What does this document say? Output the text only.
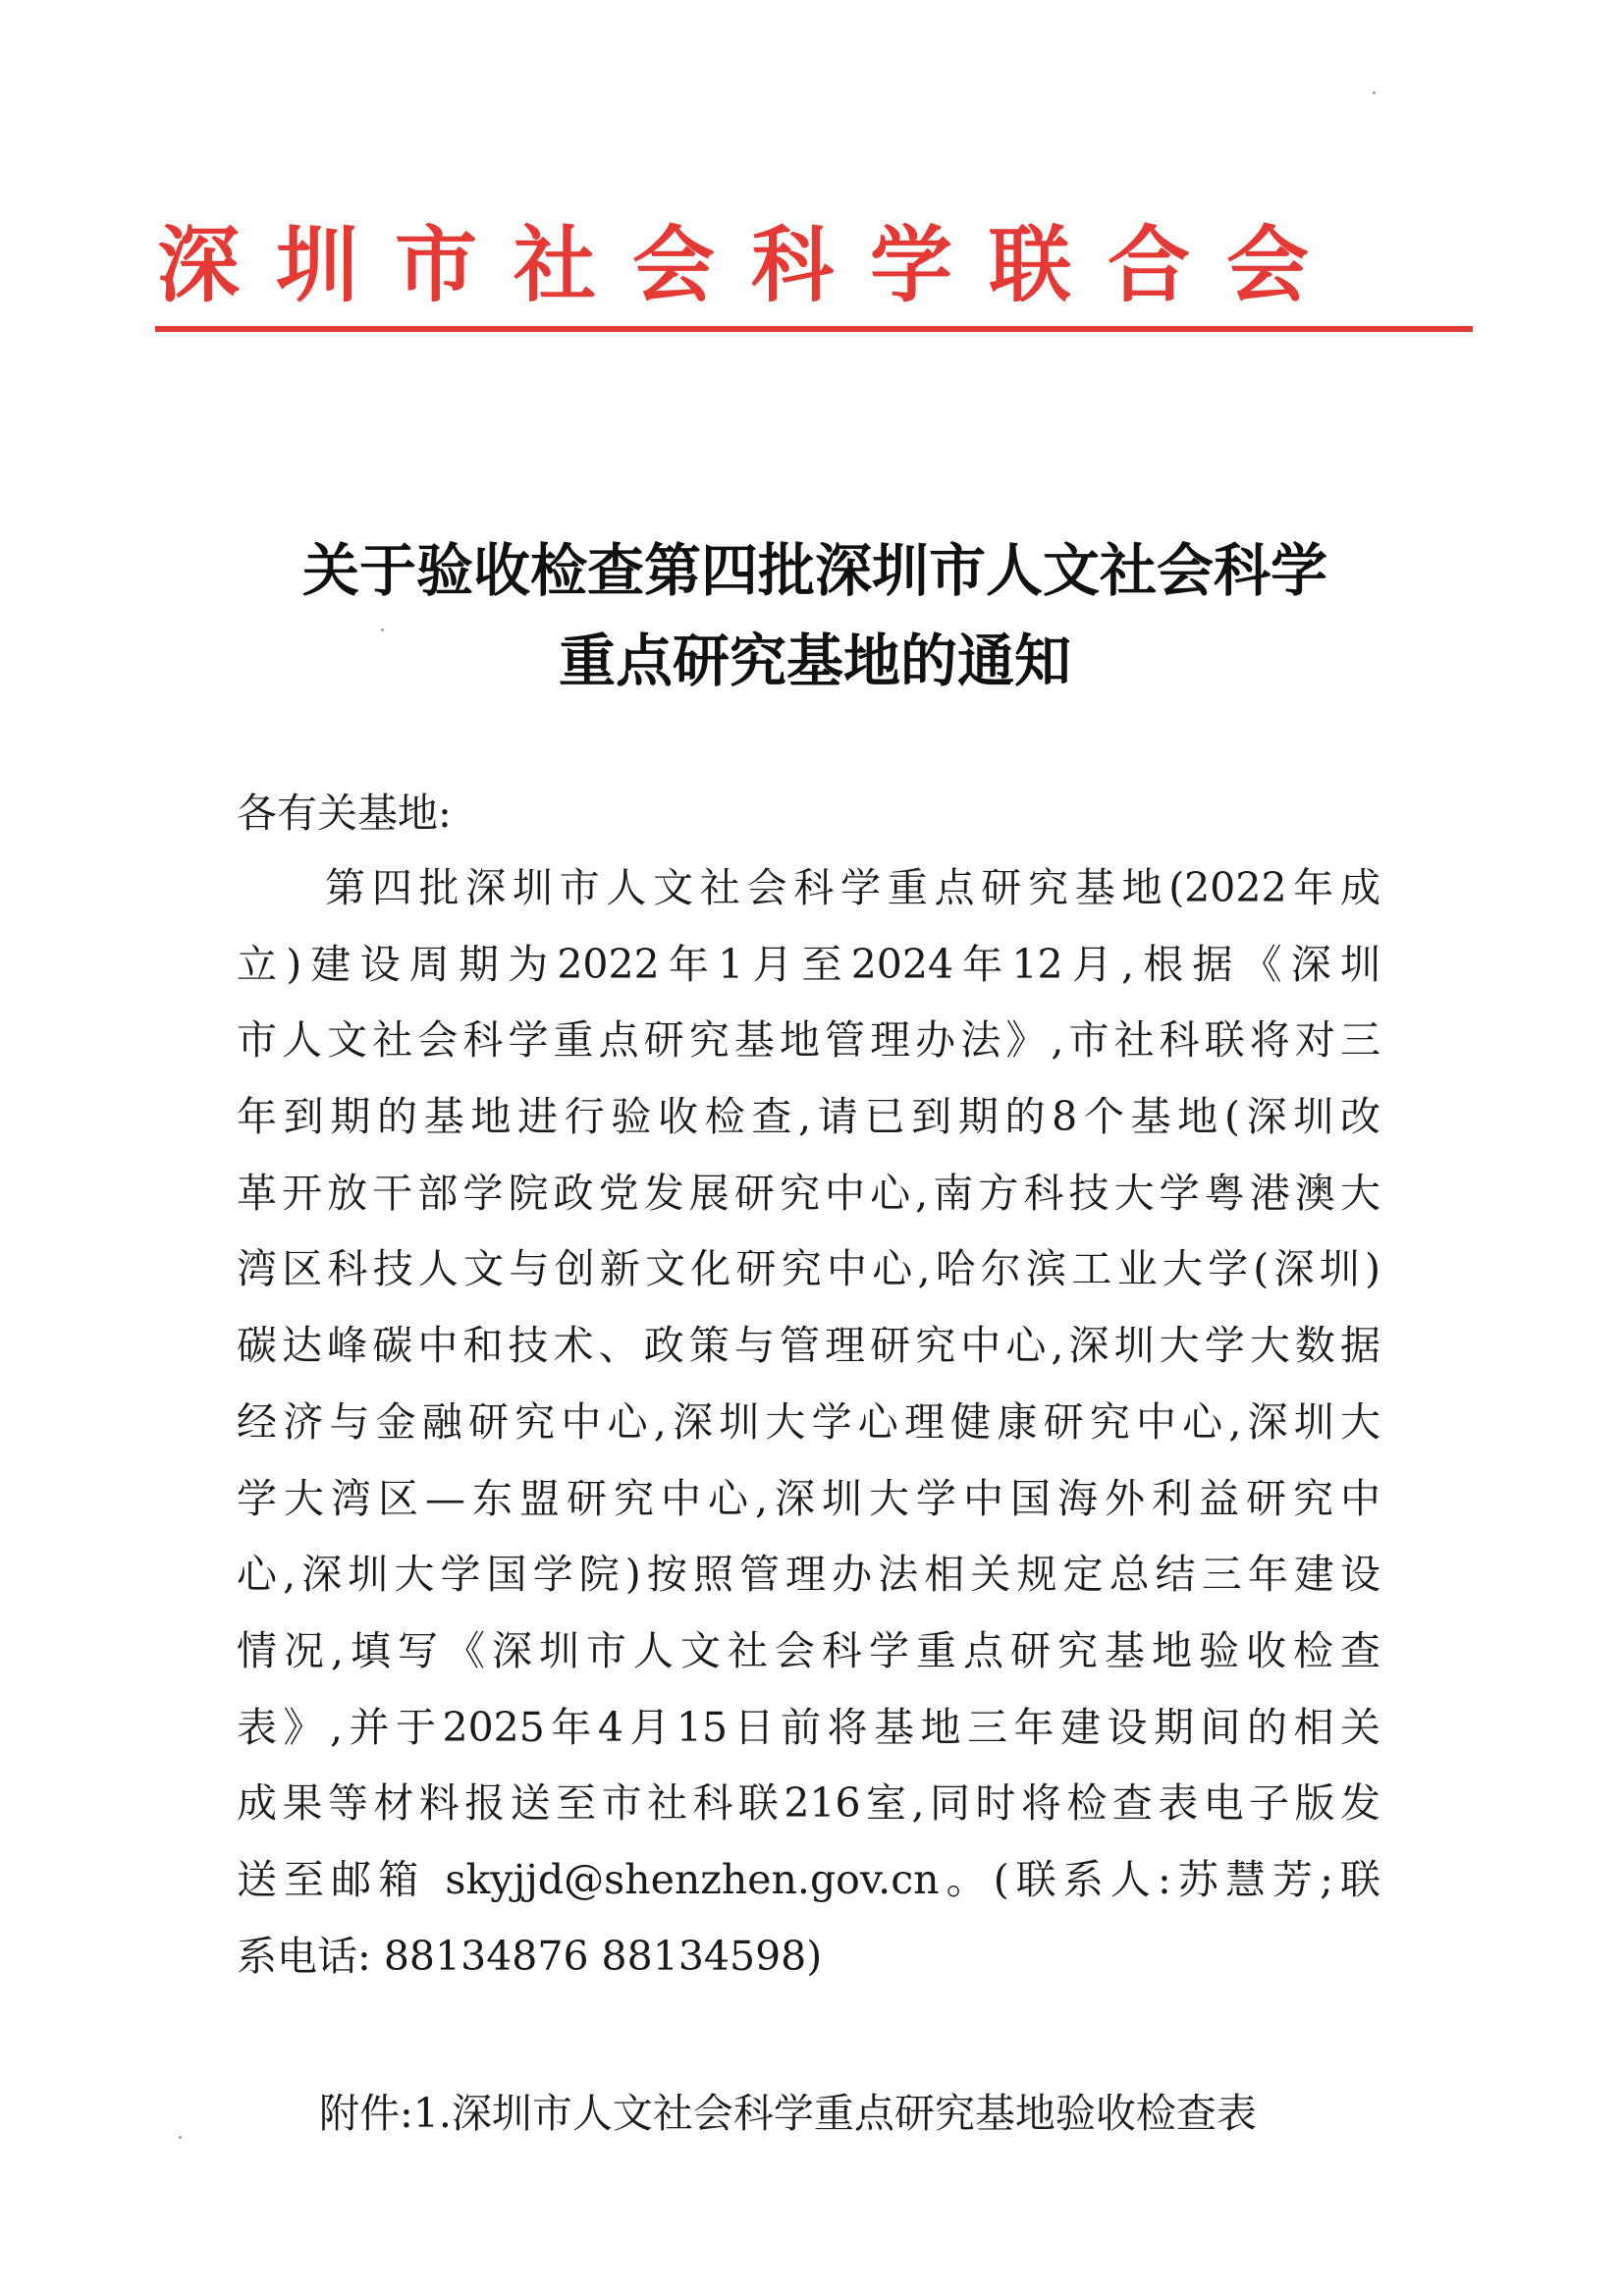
深圳市社会科学联合会
关于验收检查第四批深圳市人文社会科学
重点研究基地的通知
各有关基地:
第四批深圳市人文社会科学重点研究基地(2022年成
立)建设周期为2022年1月至2024年12月,根据《深圳
市人文社会科学重点研究基地管理办法》,市社科联将对三
年到期的基地进行验收检查,请已到期的8个基地(深圳改
革开放干部学院政党发展研究中心,南方科技大学粤港澳大
湾区科技人文与创新文化研究中心,哈尔滨工业大学(深圳)
碳达峰碳中和技术、政策与管理研究中心,深圳大学大数据
经济与金融研究中心,深圳大学心理健康研究中心,深圳大
学大湾区—东盟研究中心,深圳大学中国海外利益研究中
心,深圳大学国学院)按照管理办法相关规定总结三年建设
情况,填写《深圳市人文社会科学重点研究基地验收检查
表》,并于2025年4月15日前将基地三年建设期间的相关
成果等材料报送至市社科联216室,同时将检查表电子版发
送至邮箱 skyjjd@shenzhen.gov.cn。(联系人:苏慧芳;联
系电话: 88134876 88134598)
附件:1.深圳市人文社会科学重点研究基地验收检查表
